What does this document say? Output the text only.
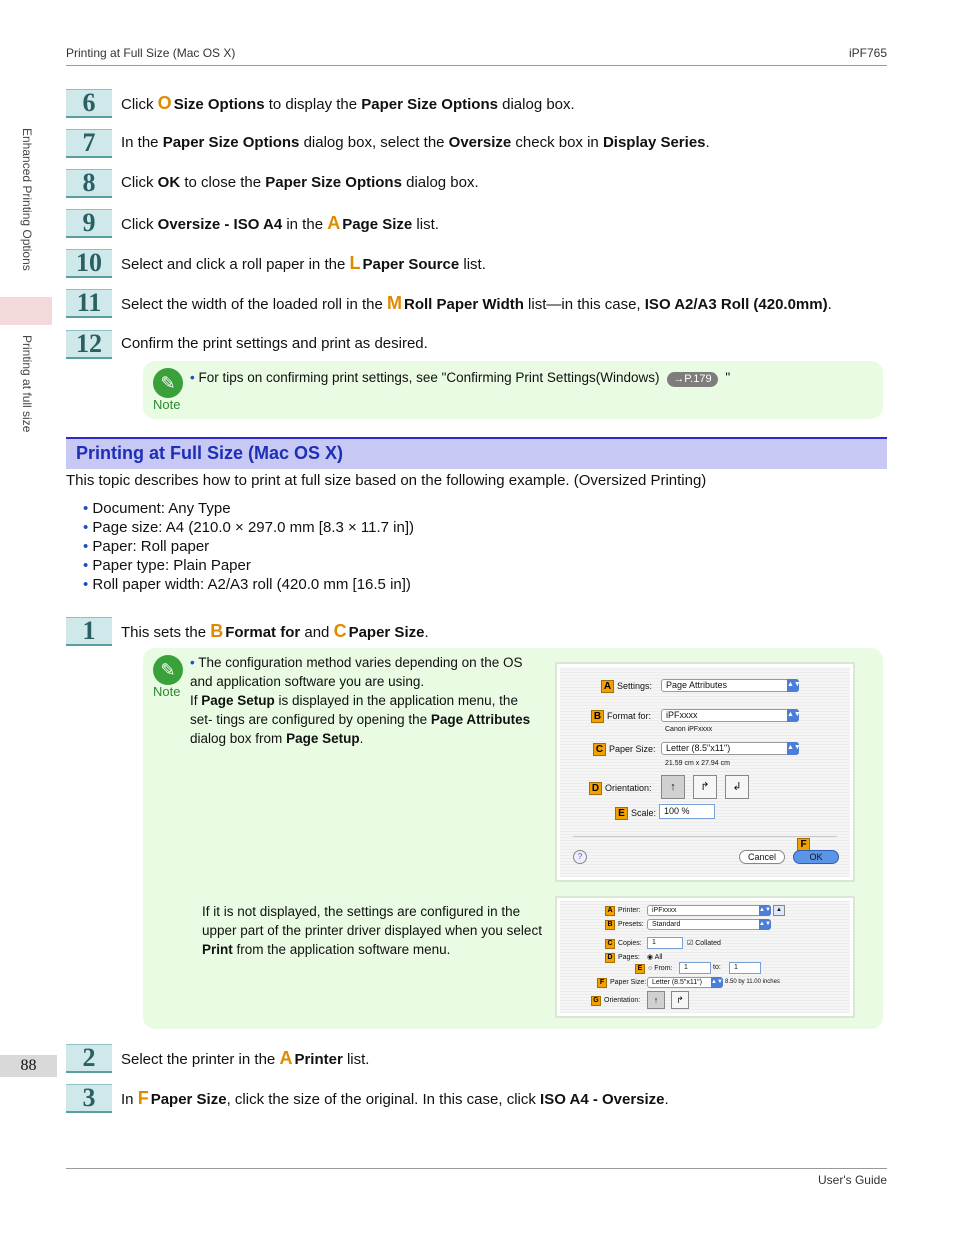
Printing at Full Size (Mac OS X)	iPF765
Enhanced Printing Options
Printing at full size
6	Click O Size Options to display the Paper Size Options dialog box.
7	In the Paper Size Options dialog box, select the Oversize check box in Display Series.
8	Click OK to close the Paper Size Options dialog box.
9	Click Oversize - ISO A4 in the A Page Size list.
10	Select and click a roll paper in the L Paper Source list.
11	Select the width of the loaded roll in the M Roll Paper Width list—in this case, ISO A2/A3 Roll (420.0mm).
12	Confirm the print settings and print as desired.
✎
Note
• For tips on confirming print settings, see "Confirming Print Settings(Windows) →P.179 "
Printing at Full Size (Mac OS X)
This topic describes how to print at full size based on the following example. (Oversized Printing)
• Document: Any Type
• Page size: A4 (210.0 × 297.0 mm [8.3 × 11.7 in])
• Paper: Roll paper
• Paper type: Plain Paper
• Roll paper width: A2/A3 roll (420.0 mm [16.5 in])
1	This sets the B Format for and C Paper Size.
✎
Note
• The configuration method varies depending on the OS and application software you are using.
If Page Setup is displayed in the application menu, the set- tings are configured by opening the Page Attributes dialog box from Page Setup.
If it is not displayed, the settings are configured in the upper part of the printer driver displayed when you select Print from the application software menu.
A Settings:	Page Attributes	▲▼
B Format for:	iPFxxxx	▲▼
Canon iPFxxxx
C Paper Size:	Letter (8.5"x11")	▲▼
21.59 cm x 27.94 cm
D Orientation:	↑	↱	↲
E Scale: 100 %
?	Cancel
F
OK
A Printer:	iPFxxxx	▲▼ ▲
B Presets:	Standard	▲▼
C Copies:	1	☑ Collated
D Pages: ◉ All
E ○ From:	1	to:	1
F Paper Size: Letter (8.5"x11") ▲▼ 8.50 by 11.00 inches
G Orientation:	↑	↱
2	Select the printer in the A Printer list.
3	In F Paper Size, click the size of the original. In this case, click ISO A4 - Oversize.
88
User's Guide
